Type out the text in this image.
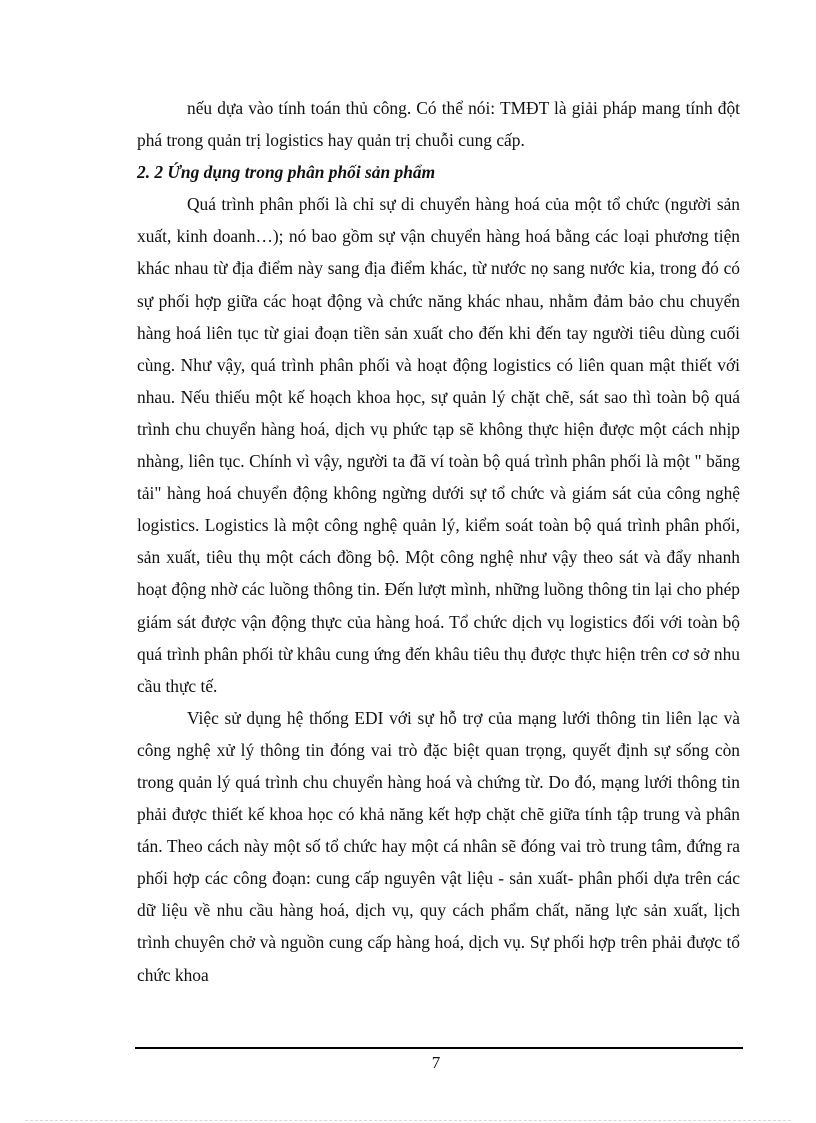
nếu dựa vào tính toán thủ công. Có thể nói: TMĐT là giải pháp mang tính đột phá trong quản trị logistics hay quản trị chuỗi cung cấp.

2. 2 Ứng dụng trong phân phối sản phẩm

Quá trình phân phối là chỉ sự di chuyển hàng hoá của một tổ chức (người sản xuất, kinh doanh…); nó bao gồm sự vận chuyển hàng hoá bằng các loại phương tiện khác nhau từ địa điểm này sang địa điểm khác, từ nước nọ sang nước kia, trong đó có sự phối hợp giữa các hoạt động và chức năng khác nhau, nhằm đảm bảo chu chuyển hàng hoá liên tục từ giai đoạn tiền sản xuất cho đến khi đến tay người tiêu dùng cuối cùng. Như vậy, quá trình phân phối và hoạt động logistics có liên quan mật thiết với nhau. Nếu thiếu một kế hoạch khoa học, sự quản lý chặt chẽ, sát sao thì toàn bộ quá trình chu chuyển hàng hoá, dịch vụ phức tạp sẽ không thực hiện được một cách nhịp nhàng, liên tục. Chính vì vậy, người ta đã ví toàn bộ quá trình phân phối là một " băng tải" hàng hoá chuyển động không ngừng dưới sự tổ chức và giám sát của công nghệ logistics. Logistics là một công nghệ quản lý, kiểm soát toàn bộ quá trình phân phối, sản xuất, tiêu thụ một cách đồng bộ. Một công nghệ như vậy theo sát và đẩy nhanh hoạt động nhờ các luồng thông tin. Đến lượt mình, những luồng thông tin lại cho phép giám sát được vận động thực của hàng hoá. Tổ chức dịch vụ logistics đối với toàn bộ quá trình phân phối từ khâu cung ứng đến khâu tiêu thụ được thực hiện trên cơ sở nhu cầu thực tế.

Việc sử dụng hệ thống EDI với sự hỗ trợ của mạng lưới thông tin liên lạc và công nghệ xử lý thông tin đóng vai trò đặc biệt quan trọng, quyết định sự sống còn trong quản lý quá trình chu chuyển hàng hoá và chứng từ. Do đó, mạng lưới thông tin phải được thiết kế khoa học có khả năng kết hợp chặt chẽ giữa tính tập trung và phân tán. Theo cách này một số tổ chức hay một cá nhân sẽ đóng vai trò trung tâm, đứng ra phối hợp các công đoạn: cung cấp nguyên vật liệu - sản xuất- phân phối dựa trên các dữ liệu về nhu cầu hàng hoá, dịch vụ, quy cách phẩm chất, năng lực sản xuất, lịch trình chuyên chở và nguồn cung cấp hàng hoá, dịch vụ. Sự phối hợp trên phải được tổ chức khoa

7
